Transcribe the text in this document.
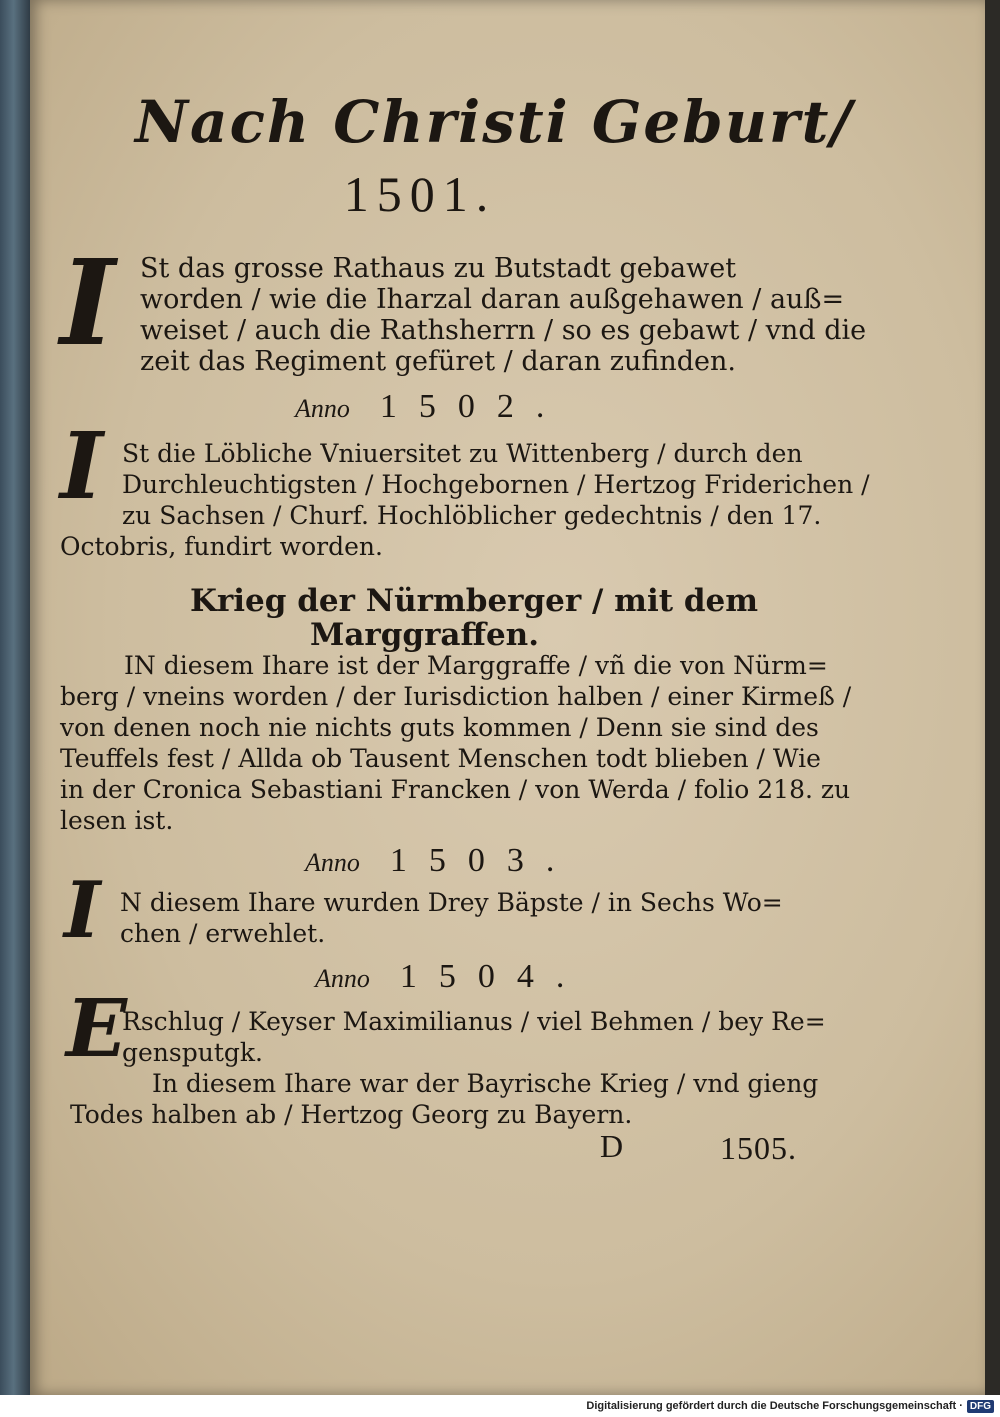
Nach Christi Geburt/
1501.
I St das grosse Rathaus zu Butstadt gebawet
worden / wie die Iharzal daran außgehawen / auß=
weiset / auch die Rathsherrn / so es gebawt / vnd die
zeit das Regiment gefüret / daran zufinden.
Anno 1502.
I St die Löbliche Vniuersitet zu Wittenberg / durch den
Durchleuchtigsten / Hochgebornen / Hertzog Friderichen /
zu Sachsen / Churf. Hochlöblicher gedechtnis / den 17.
Octobris, fundirt worden.
Krieg der Nürmberger / mit dem
Marggraffen.
IN diesem Ihare ist der Marggraffe / vñ die von Nürm=
berg / vneins worden / der Iurisdiction halben / einer Kirmeß /
von denen noch nie nichts guts kommen / Denn sie sind des
Teuffels fest / Allda ob Tausent Menschen todt blieben / Wie
in der Cronica Sebastiani Francken / von Werda / folio 218. zu
lesen ist.
Anno 1503.
I N diesem Ihare wurden Drey Bäpste / in Sechs Wo=
chen / erwehlet.
Anno 1504.
E
Rschlug / Keyser Maximilianus / viel Behmen / bey Re=
gensputgk.
In diesem Ihare war der Bayrische Krieg / vnd gieng
Todes halben ab / Hertzog Georg zu Bayern.
D	1505.
Digitalisierung gefördert durch die Deutsche Forschungsgemeinschaft · DFG
